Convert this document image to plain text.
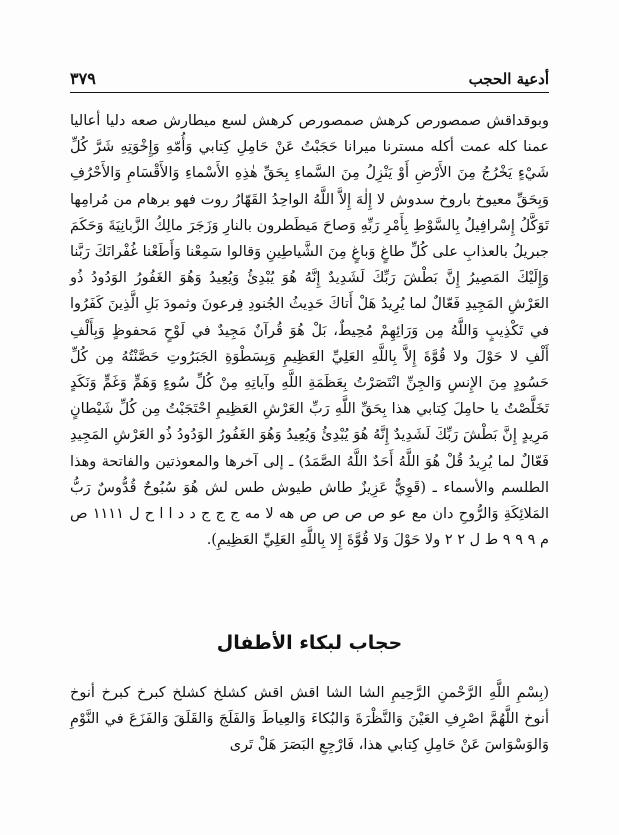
أدعية الحجب
٣٧٩

وبوقداقش صمصورص كرهش صمصورص كرهش لسع ميطارش صعه دليا أعاليا عمنا كله عمت أكله مسترنا ميرانا حَجَبْتُ عَنْ حَامِلِ كِتابي وَأُمّهِ وَإِخْوَتِهِ شَرَّ كُلِّ شَيْءٍ يَخْرُجُ مِنَ الأَرْضِ أَوْ يَنْزِلُ مِنَ السَّماءِ بِحَقِّ هٰذِهِ الأَسْماءِ وَالأَقْسَامِ وَالأَحْرُفِ وَبِحَقِّ معيوخ باروخ سدوش لا إِلٰهَ إِلاَّ اللَّهُ الواحِدُ القَهّارُ روت فهو برهام من مُرامِها تَوَكَّلُ إِسْرافِيلُ بِالسَّوْطِ بِأَمْرِ رَبِّهِ وَصاحَ مَيطَطرون بالنارِ وَزَجَرَ مالِكُ الزَّبانِيَةَ وَحَكَمَ جبريلُ بالعذابِ على كُلِّ طاغٍ وَباغٍ مِنَ الشَّياطِينِ وَقالوا سَمِعْنا وَأَطَعْنا غُفْرانَكَ رَبَّنا وَإِلَيْكَ المَصِيرُ إِنَّ بَطْشَ رَبِّكَ لَشَدِيدٌ إِنَّهُ هُوَ يُبْدِئُ وَيُعِيدُ وَهُوَ الغَفُورُ الوَدُودُ ذُو العَرْشِ المَجِيدِ فَعّالٌ لما يُرِيدُ هَلْ أَتاكَ حَدِيثُ الجُنودِ فِرعونَ وثمودَ بَلِ الَّذِينَ كَفَرُوا في تَكْذِيبٍ وَاللَّهُ مِن وَرَائِهِمْ مُحِيطٌ، بَلْ هُوَ قُرآنٌ مَجِيدٌ في لَوْحٍ مَحفوظٍ وَبِأَلْفِ أَلْفِ لا حَوْلَ ولا قُوَّةَ إِلاَّ بِاللَّهِ العَلِيِّ العَظِيمِ وَبِسَطْوَةِ الجَبَرُوتِ حَصَّنْتُهُ مِن كُلِّ حَسُودٍ مِنَ الإِنسِ وَالجِنِّ انْتَصَرْتُ بِعَظَمَةِ اللَّهِ وآياتِهِ مِنْ كُلِّ سُوءٍ وَهَمٍّ وَغَمٍّ وَنَكَدٍ تَخَلَّصْتُ يا حامِلَ كِتابي هذا بِحَقِّ اللَّهِ رَبِّ العَرْشِ العَظِيمِ احْتَجَبْتُ مِن كُلِّ شَيْطانٍ مَرِيدٍ إِنَّ بَطْشَ رَبِّكَ لَشَدِيدٌ إِنَّهُ هُوَ يُبْدِئُ وَيُعِيدُ وَهُوَ الغَفُورُ الوَدُودُ ذُو العَرْشِ المَجِيدِ فَعّالٌ لما يُرِيدُ قُلْ هُوَ اللَّهُ أَحَدٌ اللَّهُ الصَّمَدُ) ـ إلى آخرها والمعوذتين والفاتحة وهذا الطلسم والأسماء ـ (قَوِيٌّ عَزِيزٌ طاش طيوش طس لش هُوَ سُبُوحٌ قُدُّوسٌ رَبُّ المَلائِكَةِ وَالرُّوحِ دان مع عو ص ص ص ص هه لا مه ج ج ج د د ا ا ح ل ١١١١ ص م ٩ ٩ ٩ ط ل ٢ ٢ ولا حَوْلَ وَلا قُوَّةَ إِلا بِاللَّهِ العَلِيِّ العَظِيمِ).

حجاب لبكاء الأطفال

(بِسْمِ اللَّهِ الرَّحْمنِ الرَّحِيمِ الشا الشا اقش اقش كشلخ كشلخ كبرخ كبرخ أنوخ أنوخ اللَّهُمَّ اصْرِفِ العَيْنَ وَالنَّظْرَةَ وَالبُكاءَ وَالعِياطَ وَالفَلَجَ وَالقَلَقَ وَالفَزَعَ في النَّوْمِ وَالوَسْوَاسَ عَنْ حَامِلِ كِتابي هذا، فَارْجِعِ البَصَرَ هَلْ تَرى
